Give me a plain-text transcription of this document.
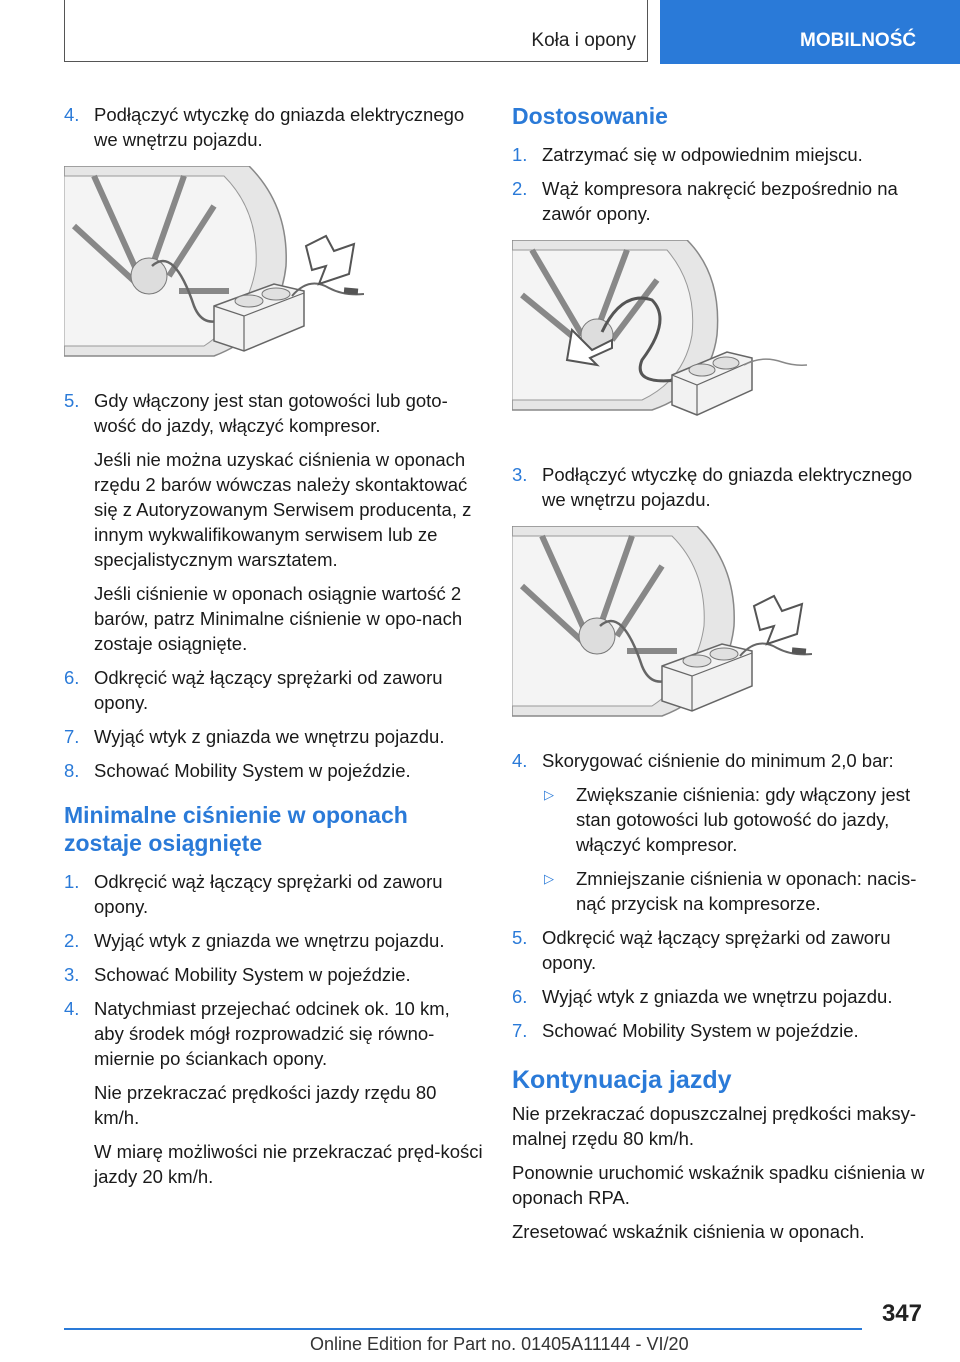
Koła i opony	MOBILNOŚĆ
4. Podłączyć wtyczkę do gniazda elektrycznego we wnętrzu pojazdu.
5. Gdy włączony jest stan gotowości lub goto‐wość do jazdy, włączyć kompresor.

Jeśli nie można uzyskać ciśnienia w oponach rzędu 2 barów wówczas należy skontaktować się z Autoryzowanym Serwisem producenta, z innym wykwalifikowanym serwisem lub ze specjalistycznym warsztatem.

Jeśli ciśnienie w oponach osiągnie wartość 2 barów, patrz Minimalne ciśnienie w opo‐nach zostaje osiągnięte.

6. Odkręcić wąż łączący sprężarki od zaworu opony.
7. Wyjąć wtyk z gniazda we wnętrzu pojazdu.
8. Schować Mobility System w pojeździe.
Minimalne ciśnienie w oponach zostaje osiągnięte
1. Odkręcić wąż łączący sprężarki od zaworu opony.
2. Wyjąć wtyk z gniazda we wnętrzu pojazdu.
3. Schować Mobility System w pojeździe.
4. Natychmiast przejechać odcinek ok. 10 km, aby środek mógł rozprowadzić się równo‐miernie po ściankach opony.

Nie przekraczać prędkości jazdy rzędu 80 km/h.

W miarę możliwości nie przekraczać pręd‐kości jazdy 20 km/h.

Dostosowanie
1. Zatrzymać się w odpowiednim miejscu.
2. Wąż kompresora nakręcić bezpośrednio na zawór opony.
3. Podłączyć wtyczkę do gniazda elektrycznego we wnętrzu pojazdu.
4. Skorygować ciśnienie do minimum 2,0 bar:
▷	Zwiększanie ciśnienia: gdy włączony jest stan gotowości lub gotowość do jazdy, włączyć kompresor.
▷	Zmniejszanie ciśnienia w oponach: nacis‐nąć przycisk na kompresorze.
5. Odkręcić wąż łączący sprężarki od zaworu opony.
6. Wyjąć wtyk z gniazda we wnętrzu pojazdu.
7. Schować Mobility System w pojeździe.
Kontynuacja jazdy

Nie przekraczać dopuszczalnej prędkości maksy‐malnej rzędu 80 km/h.

Ponownie uruchomić wskaźnik spadku ciśnienia w oponach RPA.

Zresetować wskaźnik ciśnienia w oponach.

347
Online Edition for Part no. 01405A11144 - VI/20
